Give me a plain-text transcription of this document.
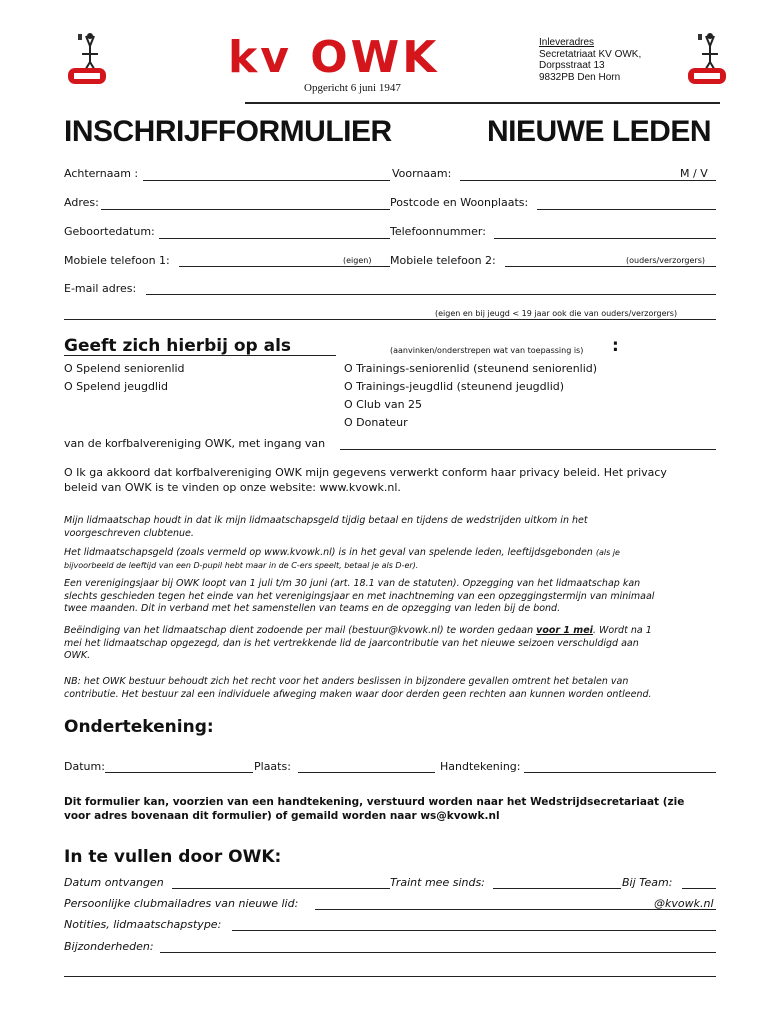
kv OWK
Opgericht 6 juni 1947
Inleveradres
Secretatriaat KV OWK,
Dorpsstraat 13
9832PB Den Horn
INSCHRIJFFORMULIER	NIEUWE LEDEN
Achternaam :	Voornaam:	M / V
Adres:	Postcode en Woonplaats:
Geboortedatum:	Telefoonnummer:
Mobiele telefoon 1:	(eigen) Mobiele telefoon 2:	(ouders/verzorgers)
E-mail adres:
(eigen en bij jeugd < 19 jaar ook die van ouders/verzorgers)
Geeft zich hierbij op als	(aanvinken/onderstrepen wat van toepassing is) :
O Spelend seniorenlid
O Spelend jeugdlid
O Trainings-seniorenlid (steunend seniorenlid)
O Trainings-jeugdlid (steunend jeugdlid)
O Club van 25
O Donateur
van de korfbalvereniging OWK, met ingang van
O Ik ga akkoord dat korfbalvereniging OWK mijn gegevens verwerkt conform haar privacy beleid. Het privacy
beleid van OWK is te vinden op onze website: www.kvowk.nl.
Mijn lidmaatschap houdt in dat ik mijn lidmaatschapsgeld tijdig betaal en tijdens de wedstrijden uitkom in het
voorgeschreven clubtenue.
Het lidmaatschapsgeld (zoals vermeld op www.kvowk.nl) is in het geval van spelende leden, leeftijdsgebonden (als je
bijvoorbeeld de leeftijd van een D-pupil hebt maar in de C-ers speelt, betaal je als D-er).
Een verenigingsjaar bij OWK loopt van 1 juli t/m 30 juni (art. 18.1 van de statuten). Opzegging van het lidmaatschap kan
slechts geschieden tegen het einde van het verenigingsjaar en met inachtneming van een opzeggingstermijn van minimaal
twee maanden. Dit in verband met het samenstellen van teams en de opzegging van leden bij de bond.
Beëindiging van het lidmaatschap dient zodoende per mail (bestuur@kvowk.nl) te worden gedaan voor 1 mei. Wordt na 1
mei het lidmaatschap opgezegd, dan is het vertrekkende lid de jaarcontributie van het nieuwe seizoen verschuldigd aan
OWK.
NB: het OWK bestuur behoudt zich het recht voor het anders beslissen in bijzondere gevallen omtrent het betalen van
contributie. Het bestuur zal een individuele afweging maken waar door derden geen rechten aan kunnen worden ontleend.
Ondertekening:
Datum:	Plaats:	Handtekening:
Dit formulier kan, voorzien van een handtekening, verstuurd worden naar het Wedstrijdsecretariaat (zie
voor adres bovenaan dit formulier) of gemaild worden naar ws@kvowk.nl
In te vullen door OWK:
Datum ontvangen	Traint mee sinds:	Bij Team:
Persoonlijke clubmailadres van nieuwe lid:	@kvowk.nl
Notities, lidmaatschapstype:
Bijzonderheden:
